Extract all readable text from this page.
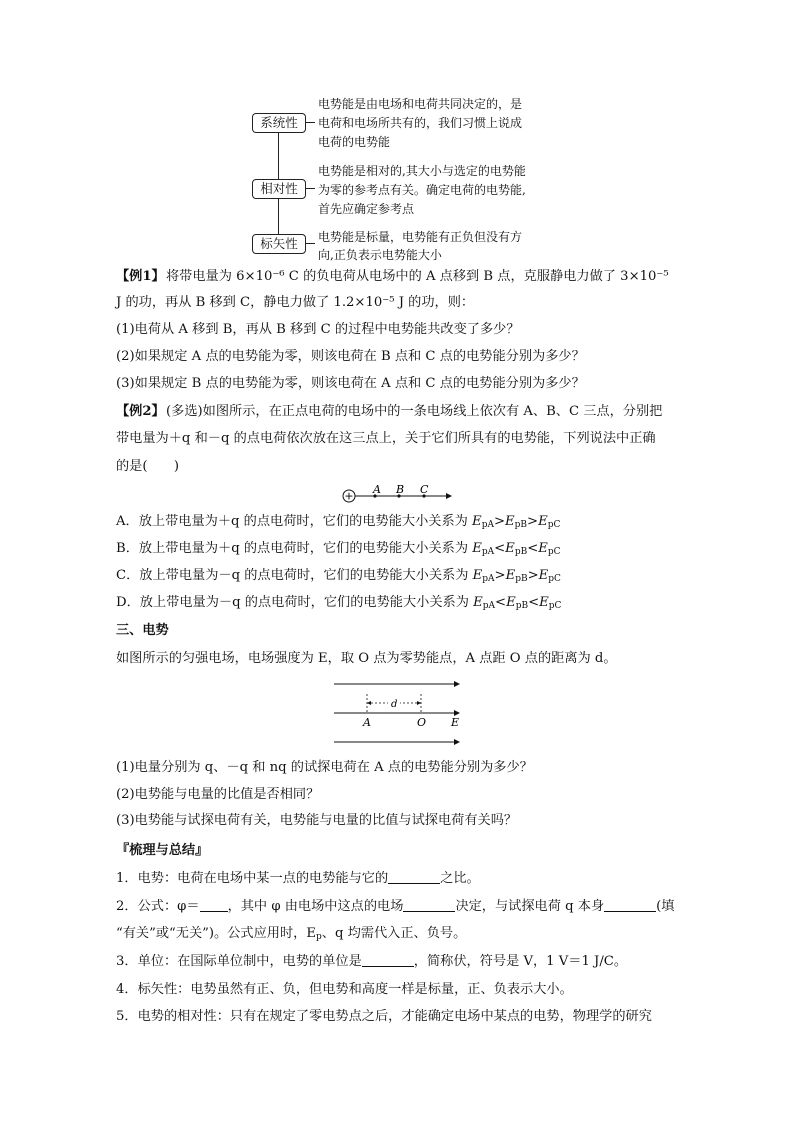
系统性
电势能是由电场和电荷共同决定的，是
电荷和电场所共有的，我们习惯上说成
电荷的电势能
相对性
电势能是相对的,其大小与选定的电势能
为零的参考点有关。确定电荷的电势能,
首先应确定参考点
标矢性	电势能是标量，电势能有正负但没有方
向,正负表示电势能大小
【例1】 将带电量为 6×10⁻⁶ C 的负电荷从电场中的 A 点移到 B 点，克服静电力做了 3×10⁻⁵
J 的功，再从 B 移到 C，静电力做了 1.2×10⁻⁵ J 的功，则：
(1)电荷从 A 移到 B，再从 B 移到 C 的过程中电势能共改变了多少？
(2)如果规定 A 点的电势能为零，则该电荷在 B 点和 C 点的电势能分别为多少？
(3)如果规定 B 点的电势能为零，则该电荷在 A 点和 C 点的电势能分别为多少？
【例2】 (多选)如图所示，在正点电荷的电场中的一条电场线上依次有 A、B、C 三点，分别把
带电量为＋q 和－q 的点电荷依次放在这三点上，关于它们所具有的电势能，下列说法中正确
的是(　　)
+ A B C
A．放上带电量为＋q 的点电荷时，它们的电势能大小关系为 $E_{pA}>E_{pB}>E_{pC}$
B．放上带电量为＋q 的点电荷时，它们的电势能大小关系为 $E_{pA}<E_{pB}<E_{pC}$
C．放上带电量为－q 的点电荷时，它们的电势能大小关系为 $E_{pA}>E_{pB}>E_{pC}$
D．放上带电量为－q 的点电荷时，它们的电势能大小关系为 $E_{pA}<E_{pB}<E_{pC}$
三、电势
如图所示的匀强电场，电场强度为 E，取 O 点为零势能点，A 点距 O 点的距离为 d。
d
A	O E
(1)电量分别为 q、－q 和 nq 的试探电荷在 A 点的电势能分别为多少？
(2)电势能与电量的比值是否相同？
(3)电势能与试探电荷有关，电势能与电量的比值与试探电荷有关吗？
『梳理与总结』
1．电势：电荷在电场中某一点的电势能与它的	之比。
2．公式：φ＝ ，其中 φ 由电场中这点的电场	决定，与试探电荷 q 本身	(填
“有关”或“无关”)。公式应用时，$E_p$、q 均需代入正、负号。
3．单位：在国际单位制中，电势的单位是	，简称伏，符号是 V，1 V＝1 J/C。
4．标矢性：电势虽然有正、负，但电势和高度一样是标量，正、负表示大小。
5．电势的相对性：只有在规定了零电势点之后，才能确定电场中某点的电势，物理学的研究
